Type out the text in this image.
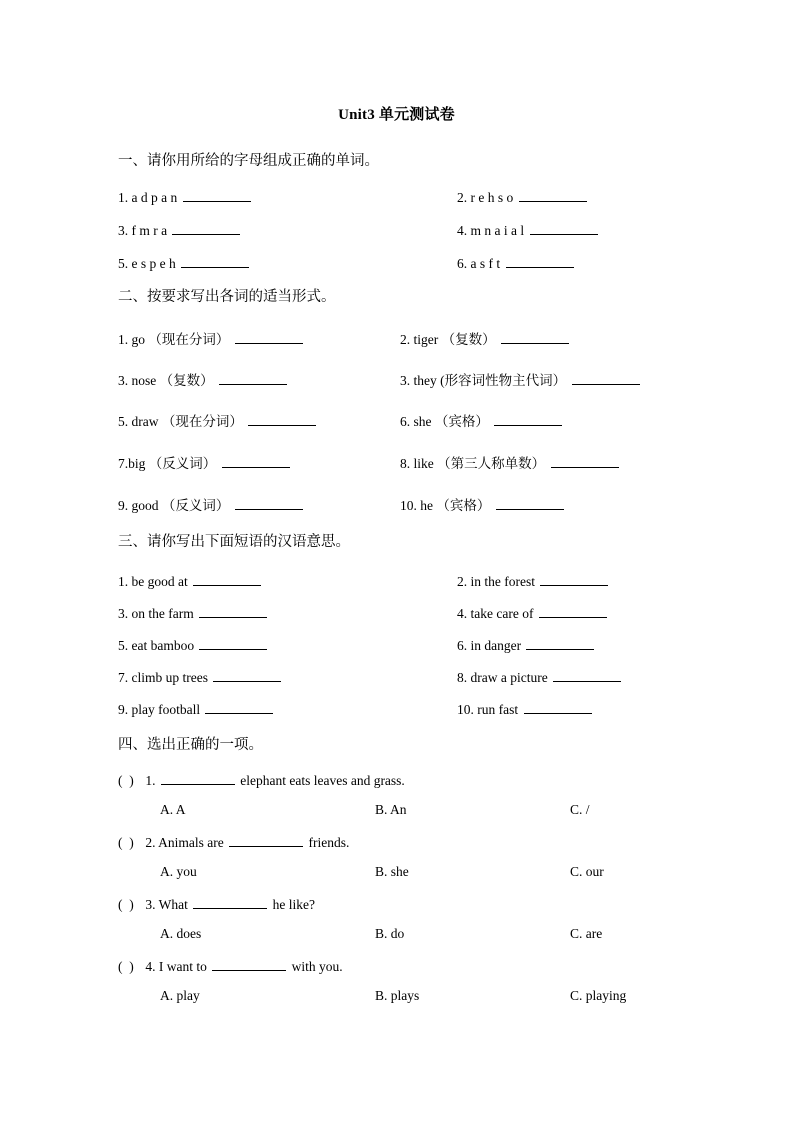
Unit3 单元测试卷
一、请你用所给的字母组成正确的单词。
1. a d p a n	2. r e h s o
3. f m r a	4. m n a i a l
5. e s p e h	6. a s f t
二、按要求写出各词的适当形式。
1. go （现在分词）	2. tiger （复数）
3. nose （复数）	3. they (形容词性物主代词）
5. draw （现在分词）	6. she （宾格）
7.big （反义词）	8. like （第三人称单数）
9. good （反义词）	10. he （宾格）
三、请你写出下面短语的汉语意思。
1. be good at	2. in the forest
3. on the farm	4. take care of
5. eat bamboo	6. in danger
7. climb up trees	8. draw a picture
9. play football	10. run fast
四、选出正确的一项。
(  ) 1.	elephant eats leaves and grass.
A. A	B. An	C. /
(  ) 2. Animals are	friends.
A. you	B. she	C. our
(  ) 3. What	he like?
A. does	B. do	C. are
(  ) 4. I want to	with you.
A. play	B. plays	C. playing
